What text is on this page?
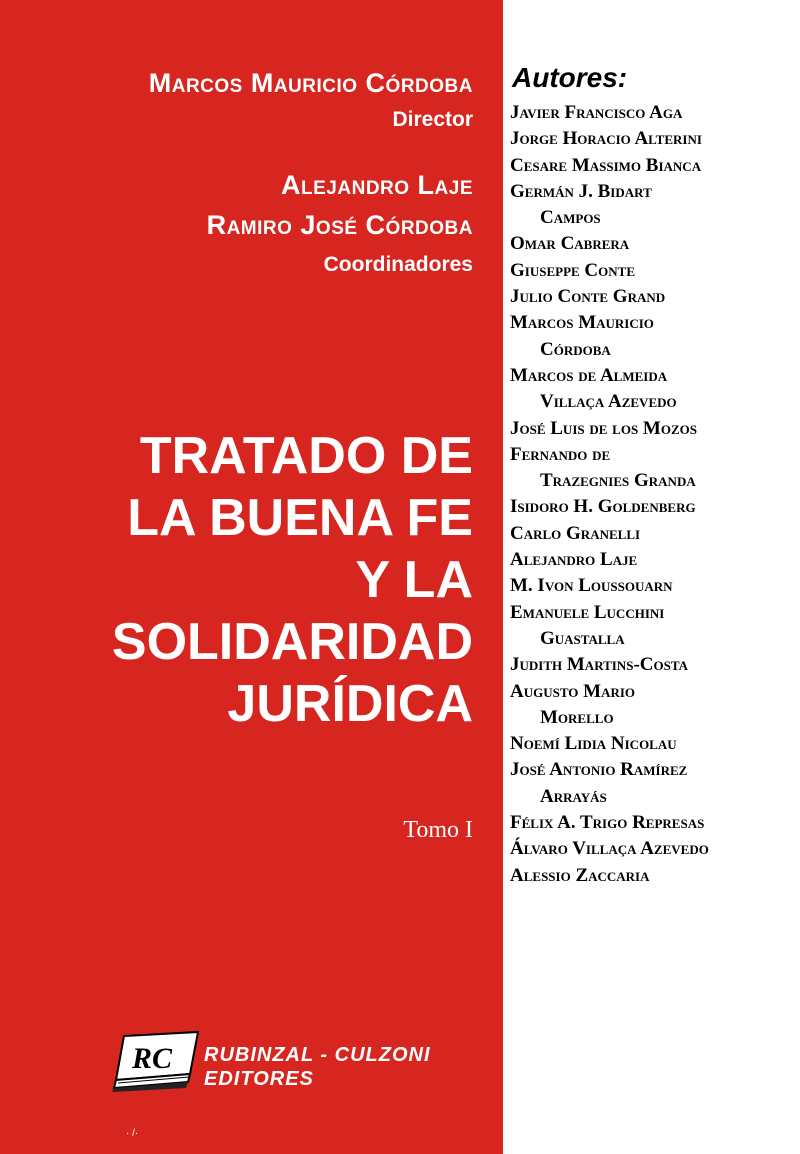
Marcos Mauricio Córdoba
Director
Alejandro Laje
Ramiro José Córdoba
Coordinadores
TRATADO DE
LA BUENA FE
Y LA
SOLIDARIDAD
JURÍDICA
Tomo I
RC RUBINZAL - CULZONI
EDITORES
· /·
Autores:
Javier Francisco Aga
Jorge Horacio Alterini
Cesare Massimo Bianca
Germán J. Bidart
Campos
Omar Cabrera
Giuseppe Conte
Julio Conte Grand
Marcos Mauricio
Córdoba
Marcos de Almeida
Villaça Azevedo
José Luis de los Mozos
Fernando de
Trazegnies Granda
Isidoro H. Goldenberg
Carlo Granelli
Alejandro Laje
M. Ivon Loussouarn
Emanuele Lucchini
Guastalla
Judith Martins-Costa
Augusto Mario
Morello
Noemí Lidia Nicolau
José Antonio Ramírez
Arrayás
Félix A. Trigo Represas
Álvaro Villaça Azevedo
Alessio Zaccaria
